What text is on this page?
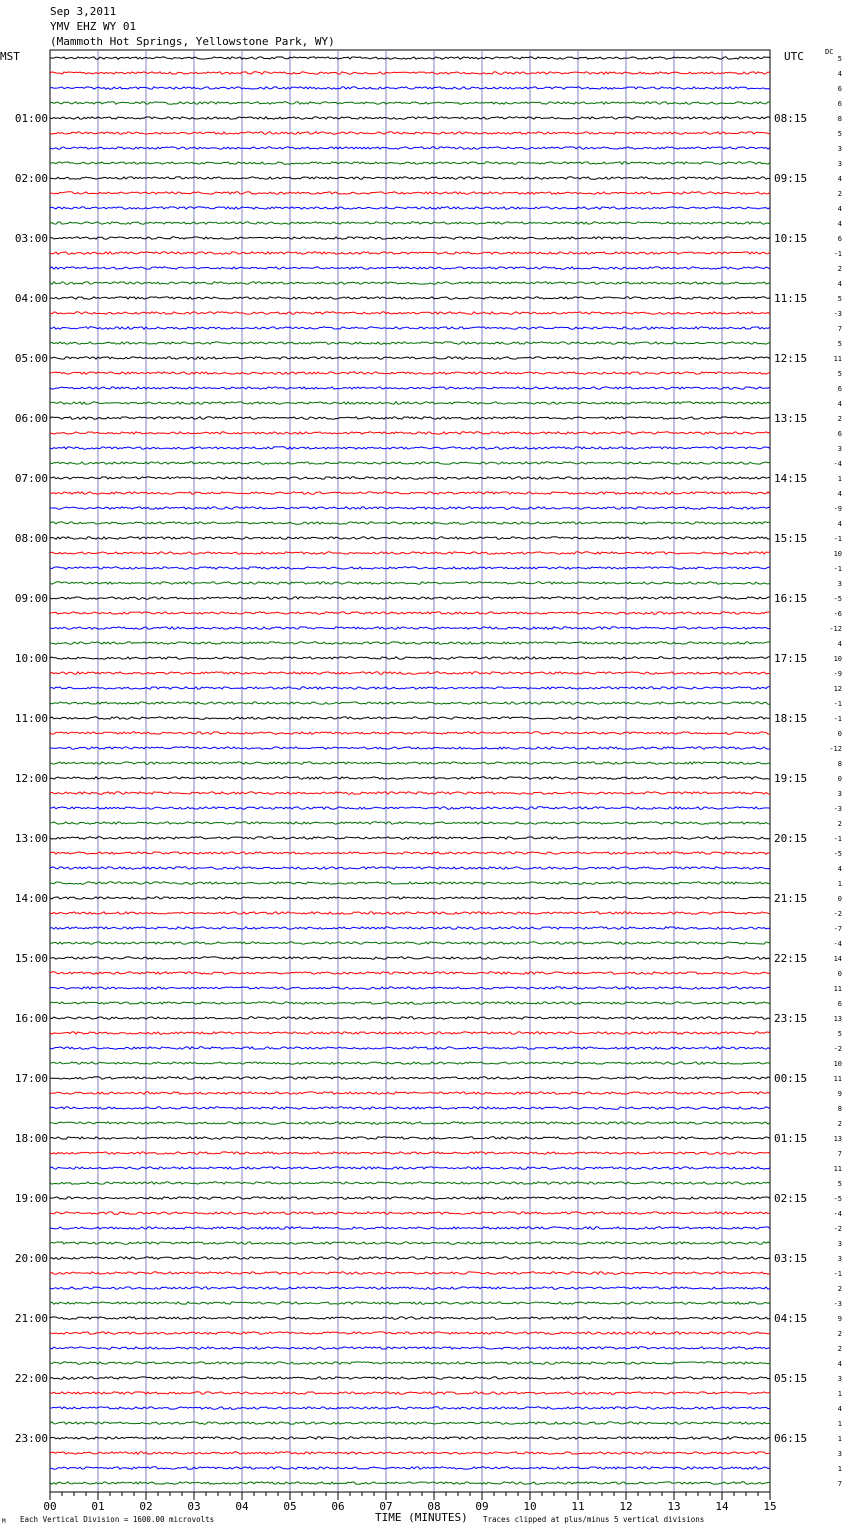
Sep 3,2011
YMV EHZ WY 01
(Mammoth Hot Springs, Yellowstone Park, WY)
MST	UTC	DC
00	01	02	03	04	05	06	07	08	09	10	11	12	13	14	15
5
4
6
6
8
5
3
3
4
2
4
4
6
-1
2
4
5
-3
7
5
11
5
6
4
2
6
3
-4
1
4
-9
4
-1
10
-1
3
-5
-6
-12
4
10
-9
12
-1
-1
0
-12
8
0
3
-3
2
-1
-5
4
1
0
-2
-7
-4
14
0
11
6
13
5
-2
10
11
9
8
2
13
7
11
5
-5
-4
-2
3
3
-1
2
-3
9
2
2
4
3
1
4
1
1
3
1
7
01:00
02:00
03:00
04:00
05:00
06:00
07:00
08:00
09:00
10:00
11:00
12:00
13:00
14:00
15:00
16:00
17:00
18:00
19:00
20:00
21:00
22:00
23:00
08:15
09:15
10:15
11:15
12:15
13:15
14:15
15:15
16:15
17:15
18:15
19:15
20:15
21:15
22:15
23:15
00:15
01:15
02:15
03:15
04:15
05:15
06:15
TIME (MINUTES)
Each Vertical Division = 1600.00 microvolts	Traces clipped at plus/minus 5 vertical divisions
M
